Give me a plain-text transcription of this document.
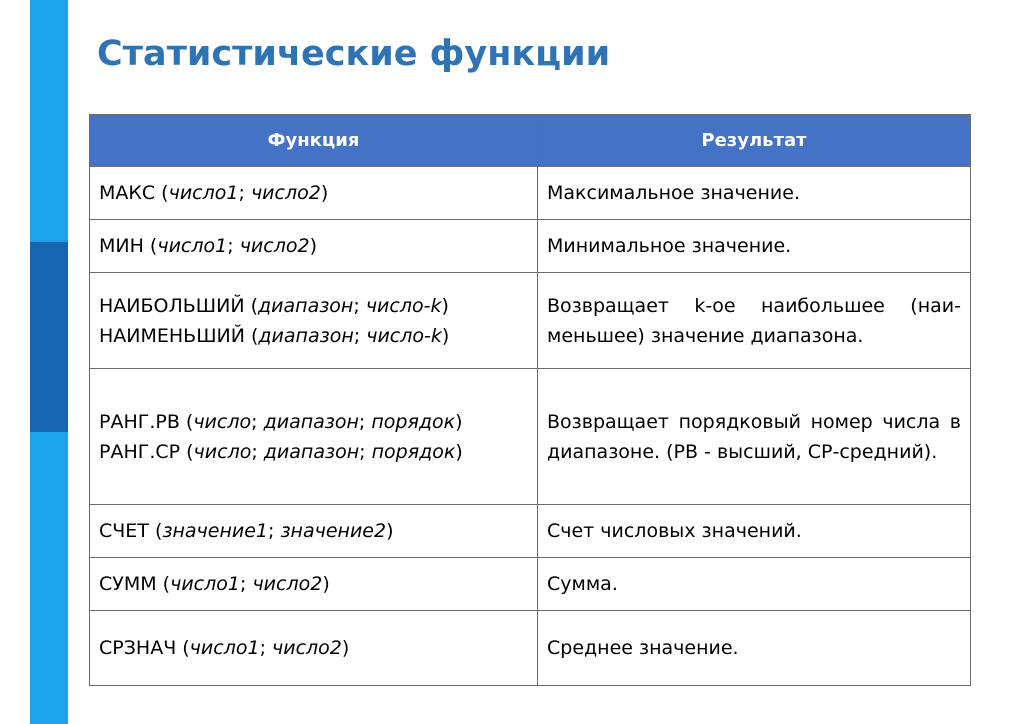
Статистические функции
Функция	Результат

МАКС (число1; число2)	Максимальное значение.

МИН (число1; число2)	Минимальное значение.

НАИБОЛЬШИЙ (диапазон; число-k)
НАИМЕНЬШИЙ (диапазон; число-k)	Возвращает k-ое наибольшее (наименьшее) значение диапазона.

РАНГ.РВ (число; диапазон; порядок)
РАНГ.СР (число; диапазон; порядок)	Возвращает порядковый номер числа в диапазоне. (РВ - высший, СР-средний).

СЧЕТ (значение1; значение2)	Счет числовых значений.

СУММ (число1; число2)	Сумма.

СРЗНАЧ (число1; число2)	Среднее значение.
